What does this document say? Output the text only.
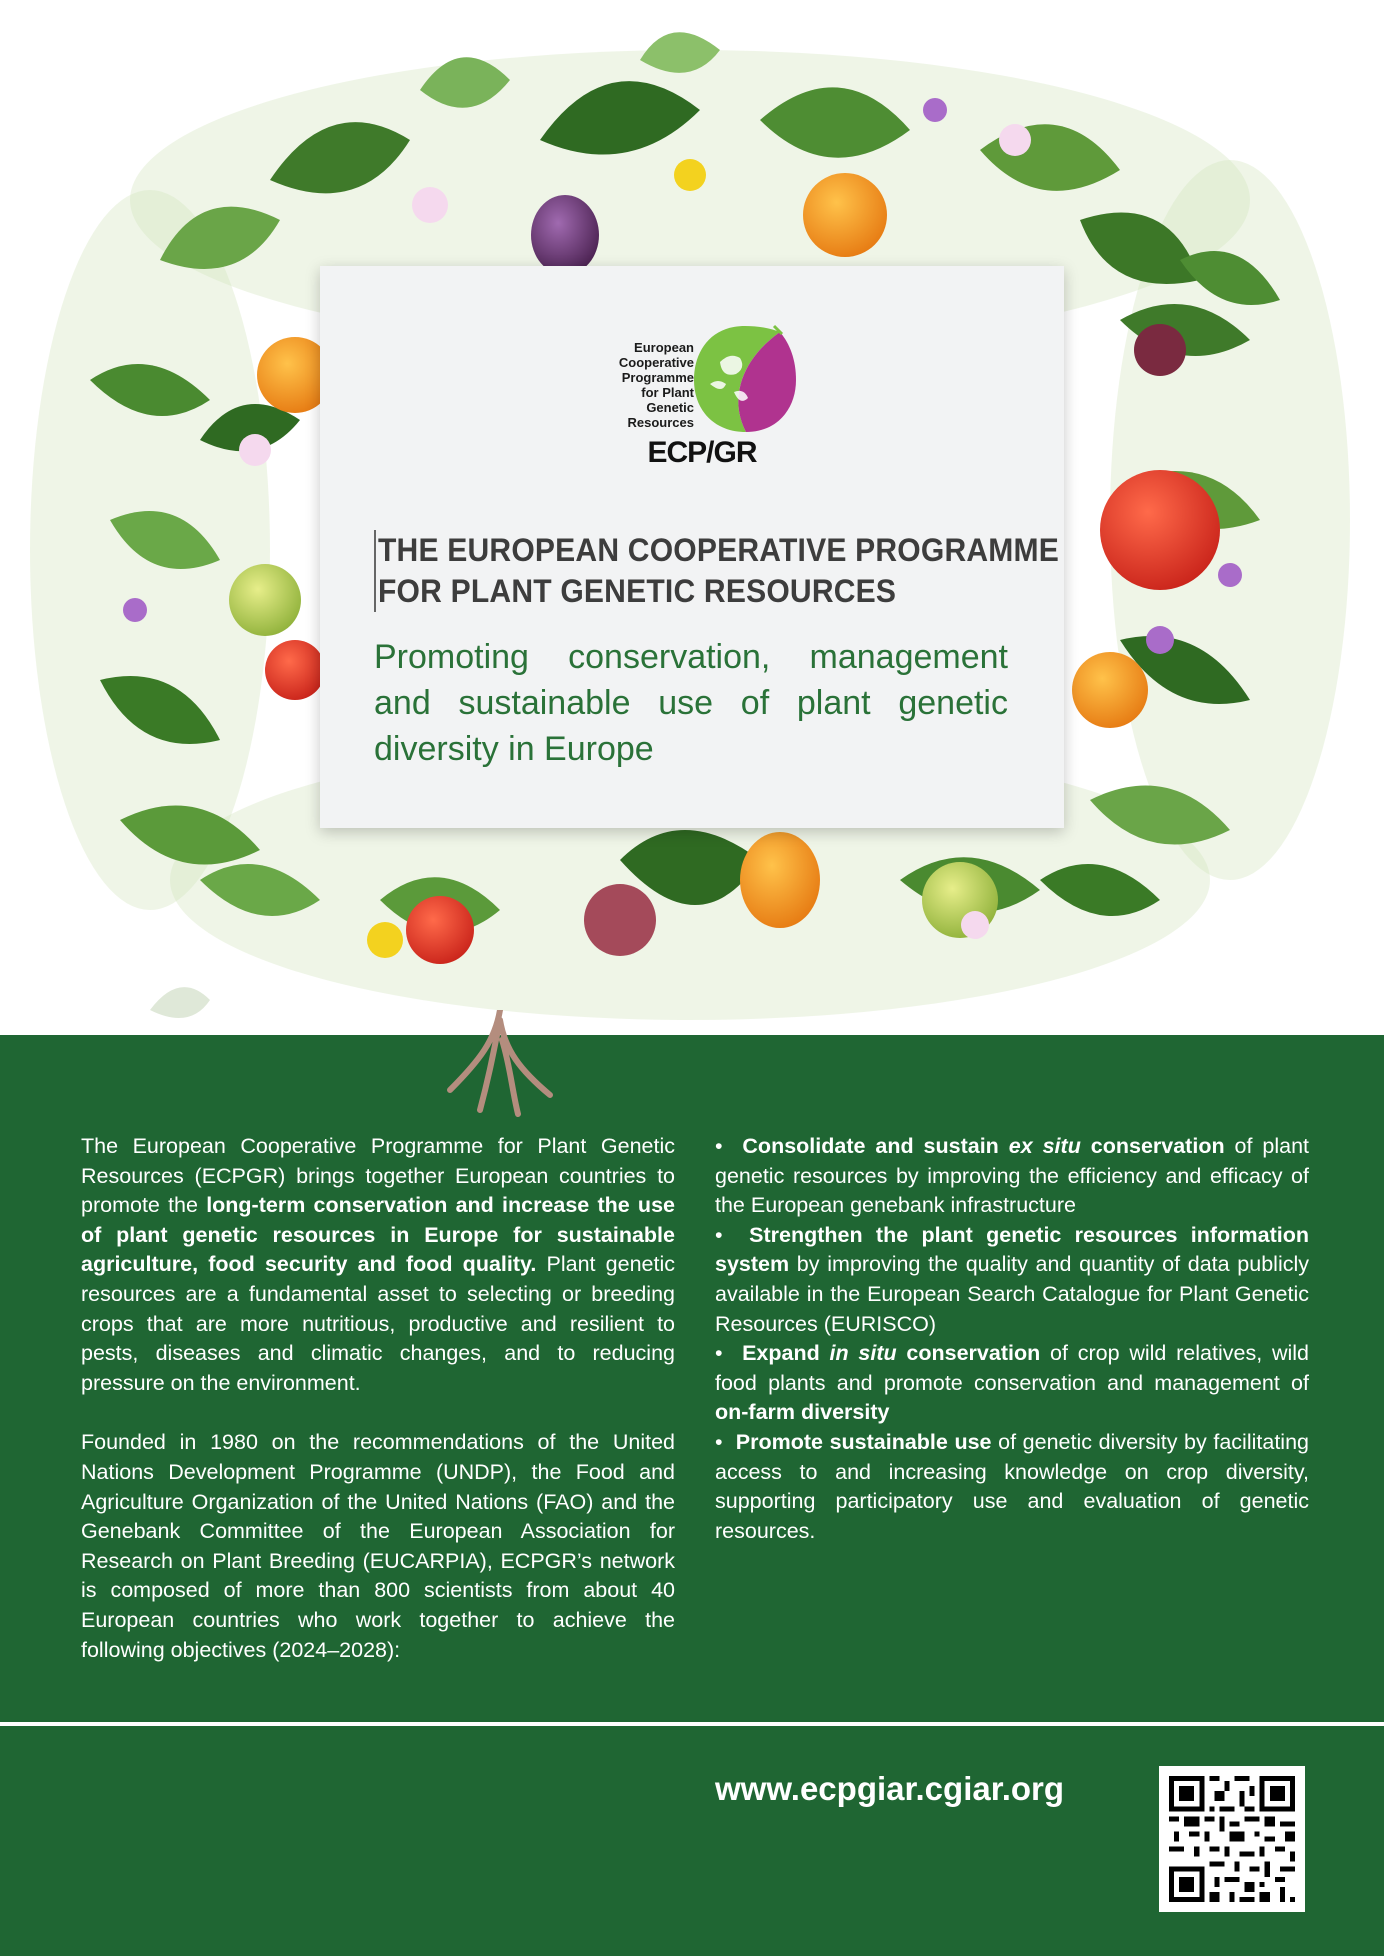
European
Cooperative
Programme
for Plant
Genetic
Resources
ECP/GR
THE EUROPEAN COOPERATIVE PROGRAMME
FOR PLANT GENETIC RESOURCES
Promoting conservation, management and sustainable use of plant genetic diversity in Europe

The European Cooperative Programme for Plant Genetic Resources (ECPGR) brings together European countries to promote the long-term conservation and increase the use of plant genetic resources in Europe for sustainable agriculture, food security and food quality. Plant genetic resources are a fundamental asset to selecting or breeding crops that are more nutritious, productive and resilient to pests, diseases and climatic changes, and to reducing pressure on the environment.

Founded in 1980 on the recommendations of the United Nations Development Programme (UNDP), the Food and Agriculture Organization of the United Nations (FAO) and the Genebank Committee of the European Association for Research on Plant Breeding (EUCARPIA), ECPGR’s network is composed of more than 800 scientists from about 40 European countries who work together to achieve the following objectives (2024–2028):

• Consolidate and sustain ex situ conservation of plant genetic resources by improving the efficiency and efficacy of the European genebank infrastructure

• Strengthen the plant genetic resources information system by improving the quality and quantity of data publicly available in the European Search Catalogue for Plant Genetic Resources (EURISCO)

• Expand in situ conservation of crop wild relatives, wild food plants and promote conservation and management of on-farm diversity

• Promote sustainable use of genetic diversity by facilitating access to and increasing knowledge on crop diversity, supporting participatory use and evaluation of genetic resources.

www.ecpgiar.cgiar.org
